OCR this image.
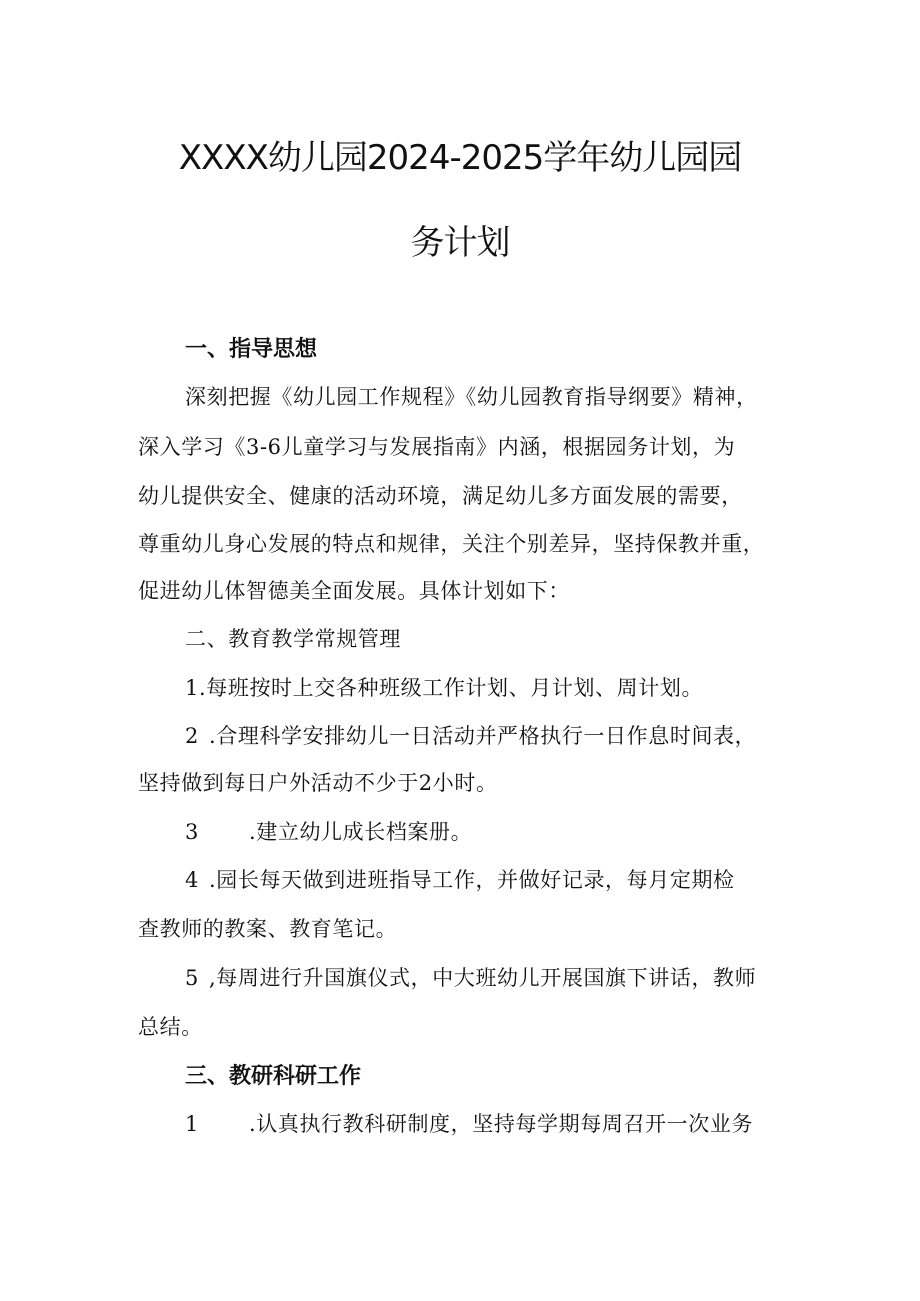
XXXX幼儿园2024-2025学年幼儿园园
务计划
一、指导思想
深刻把握《幼儿园工作规程》《幼儿园教育指导纲要》精神，
深入学习《3-6儿童学习与发展指南》内涵，根据园务计划，为
幼儿提供安全、健康的活动环境，满足幼儿多方面发展的需要，
尊重幼儿身心发展的特点和规律，关注个别差异，坚持保教并重，
促进幼儿体智德美全面发展。具体计划如下：
二、教育教学常规管理
1.每班按时上交各种班级工作计划、月计划、周计划。
2 .合理科学安排幼儿一日活动并严格执行一日作息时间表，
坚持做到每日户外活动不少于2小时。
3 .建立幼儿成长档案册。
4 .园长每天做到进班指导工作，并做好记录，每月定期检
查教师的教案、教育笔记。
5 ,每周进行升国旗仪式，中大班幼儿开展国旗下讲话，教师
总结。
三、教研科研工作
1 .认真执行教科研制度，坚持每学期每周召开一次业务
